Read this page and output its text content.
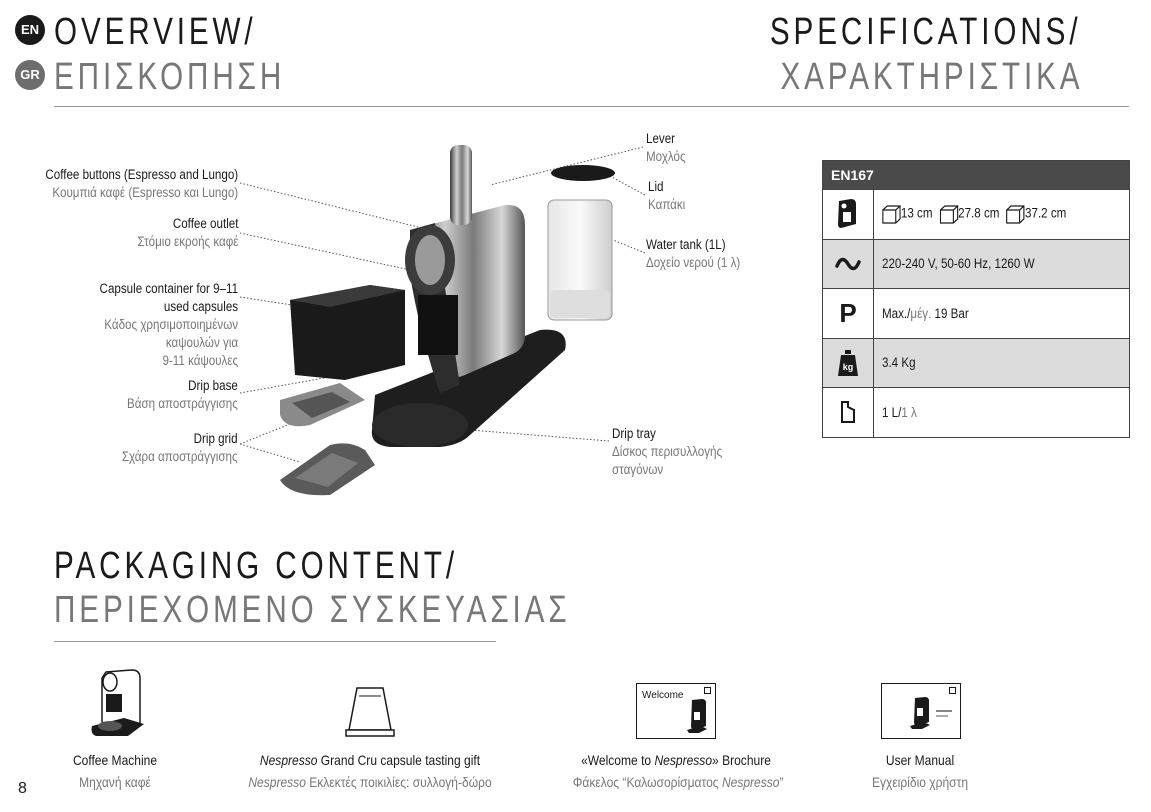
EN
GR
OVERVIEW/
ΕΠΙΣΚΟΠΗΣΗ
SPECIFICATIONS/
ΧΑΡΑΚΤΗΡΙΣΤΙΚΑ
Lever
Μοχλός
Lid
Καπάκι
Water tank (1L)
Δοχείο νερού (1 λ)
Drip tray
Δίσκος περισυλλογής
σταγόνων
Coffee buttons (Espresso and Lungo)
Κουμπιά καφέ (Espresso και Lungo)
Coffee outlet
Στόμιο εκροής καφέ
Capsule container for 9–11
used capsules
Κάδος χρησιμοποιημένων
καψουλών για
9-11 κάψουλες
Drip base
Βάση αποστράγγισης
Drip grid
Σχάρα αποστράγγισης
EN167
13 cm 27.8 cm 37.2 cm
220-240 V, 50-60 Hz, 1260 W
P Max./μέγ. 19 Bar
kg 3.4 Kg
1 L/1 λ
PACKAGING CONTENT/
ΠΕΡΙΕΧΟΜΕΝΟ ΣΥΣΚΕΥΑΣΙΑΣ
Welcome
Coffee Machine
Μηχανή καφέ
Nespresso Grand Cru capsule tasting gift
Nespresso Εκλεκτές ποικιλίες: συλλογή-δώρο
«Welcome to Nespresso» Brochure
Φάκελος “Καλωσορίσματος Nespresso”
User Manual
Εγχειρίδιο χρήστη
8
